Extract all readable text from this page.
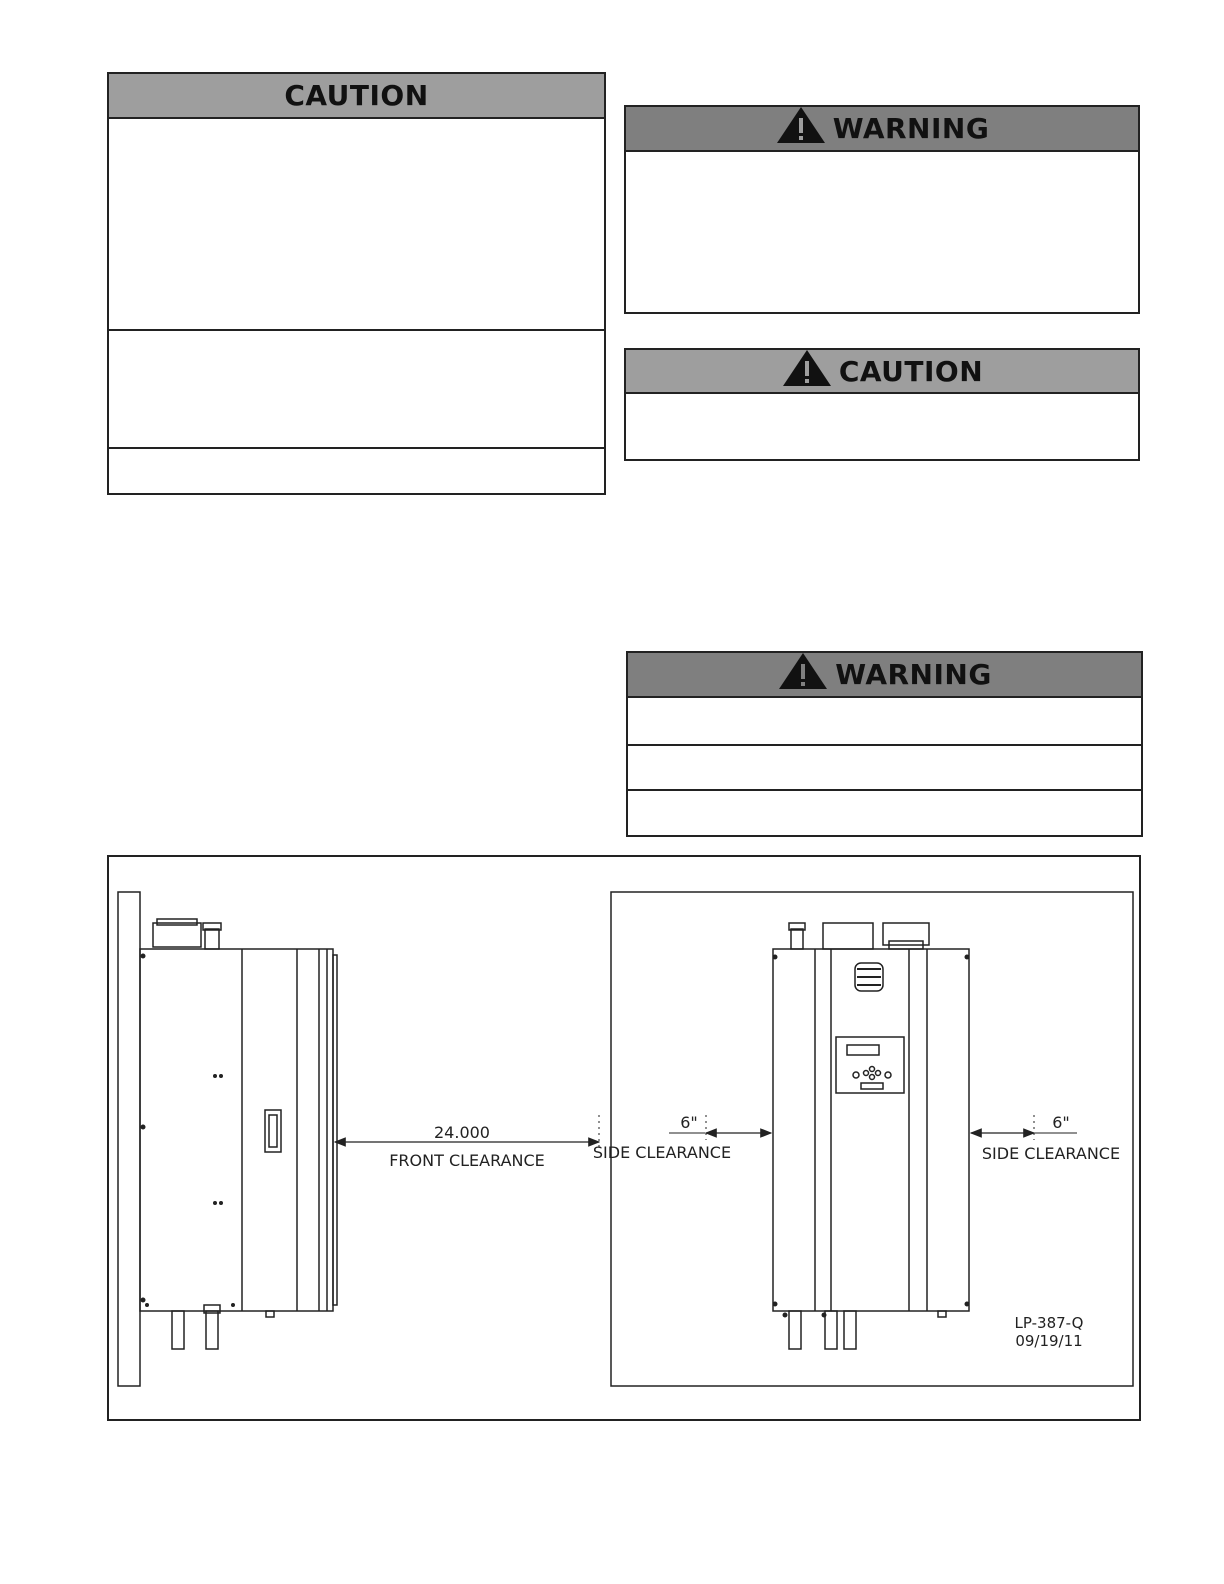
CAUTION
WARNING
CAUTION
WARNING
24.000
FRONT CLEARANCE
6"
SIDE CLEARANCE
6"
SIDE CLEARANCE
LP-387-Q
09/19/11
